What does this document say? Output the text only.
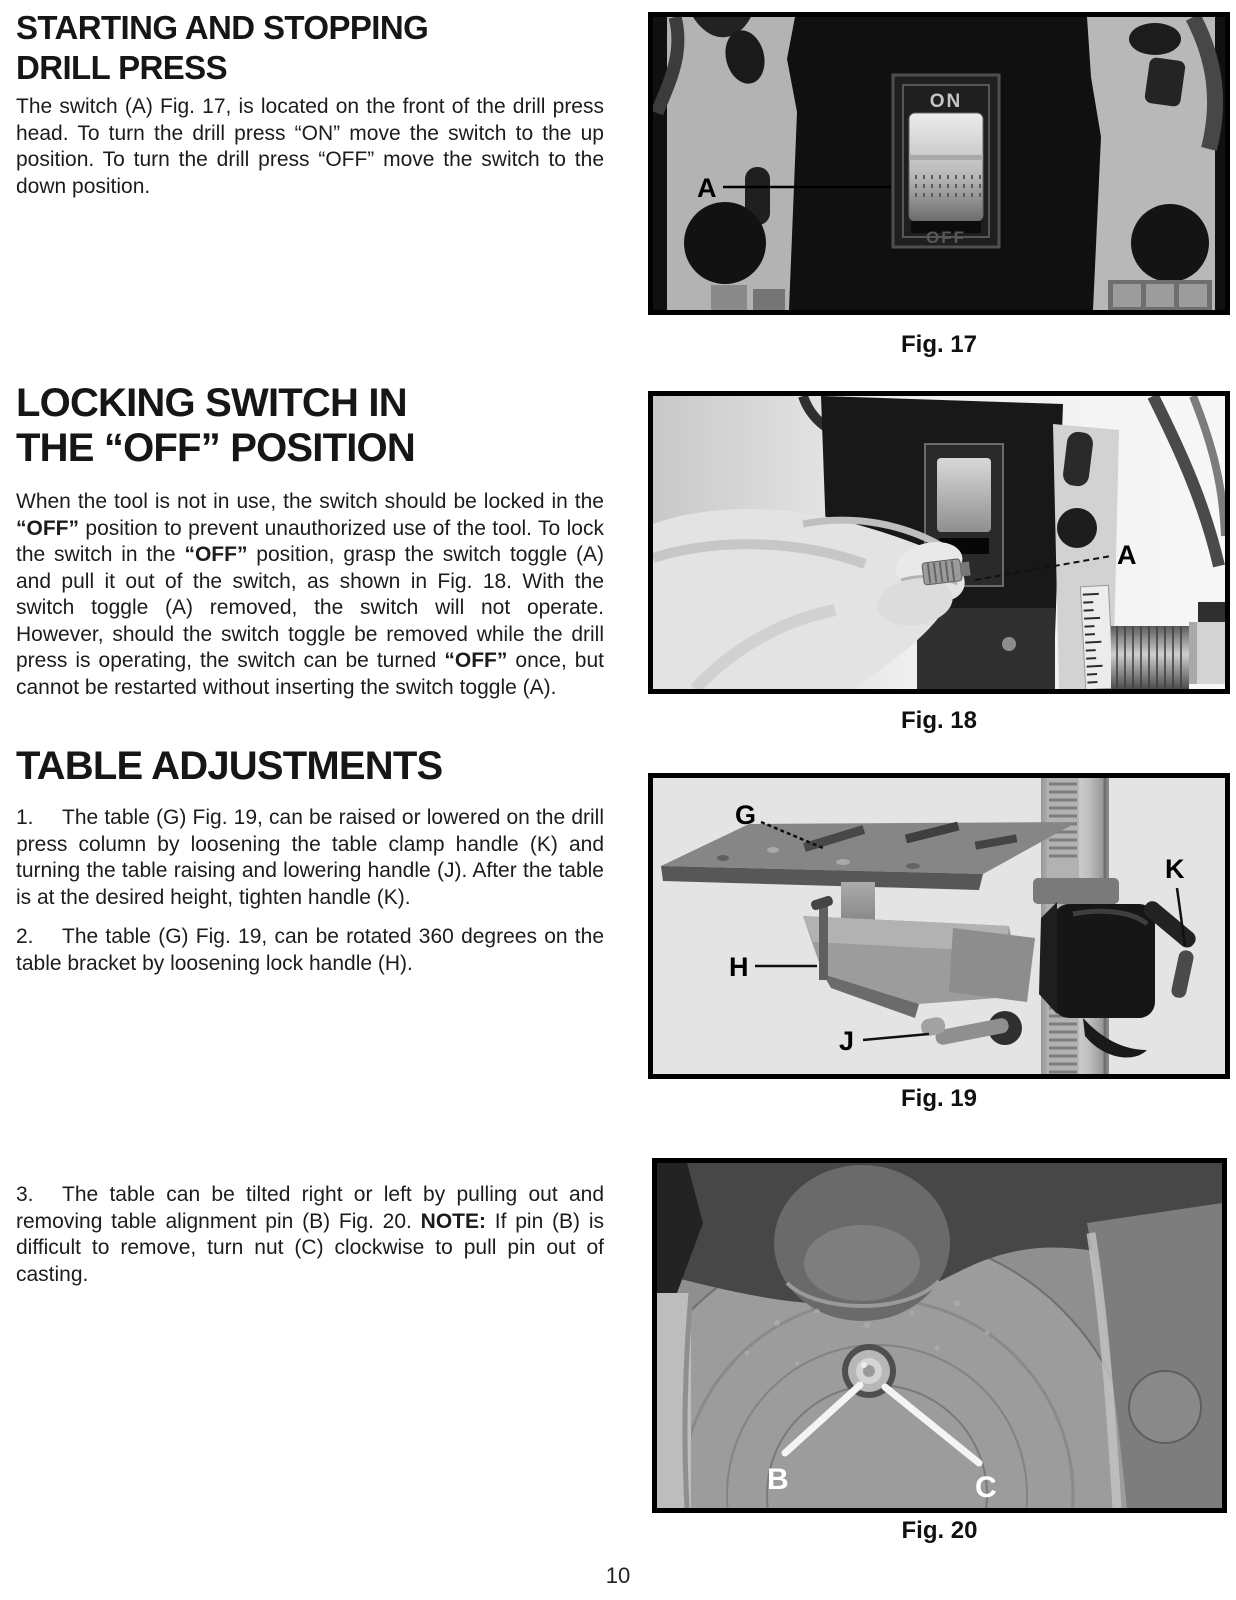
STARTING AND STOPPING
DRILL PRESS

The switch (A) Fig. 17, is located on the front of the drill press head. To turn the drill press “ON” move the switch to the up position. To turn the drill press “OFF” move the switch to the down position.

LOCKING SWITCH IN
THE “OFF” POSITION

When the tool is not in use, the switch should be locked in the “OFF” position to prevent unauthorized use of the tool. To lock the switch in the “OFF” position, grasp the switch toggle (A) and pull it out of the switch, as shown in Fig. 18. With the switch toggle (A) removed, the switch will not operate. However, should the switch toggle be removed while the drill press is operating, the switch can be turned “OFF” once, but cannot be restarted without inserting the switch toggle (A).

TABLE ADJUSTMENTS

1. The table (G) Fig. 19, can be raised or lowered on the drill press column by loosening the table clamp handle (K) and turning the table raising and lowering handle (J). After the table is at the desired height, tighten handle (K).

2. The table (G) Fig. 19, can be rotated 360 degrees on the table bracket by loosening lock handle (H).

3. The table can be tilted right or left by pulling out and removing table alignment pin (B) Fig. 20. NOTE: If pin (B) is difficult to remove, turn nut (C) clockwise to pull pin out of casting.

ON
OFF
A
Fig. 17
A
Fig. 18
G
K
H
J
Fig. 19
B	C
Fig. 20
10
